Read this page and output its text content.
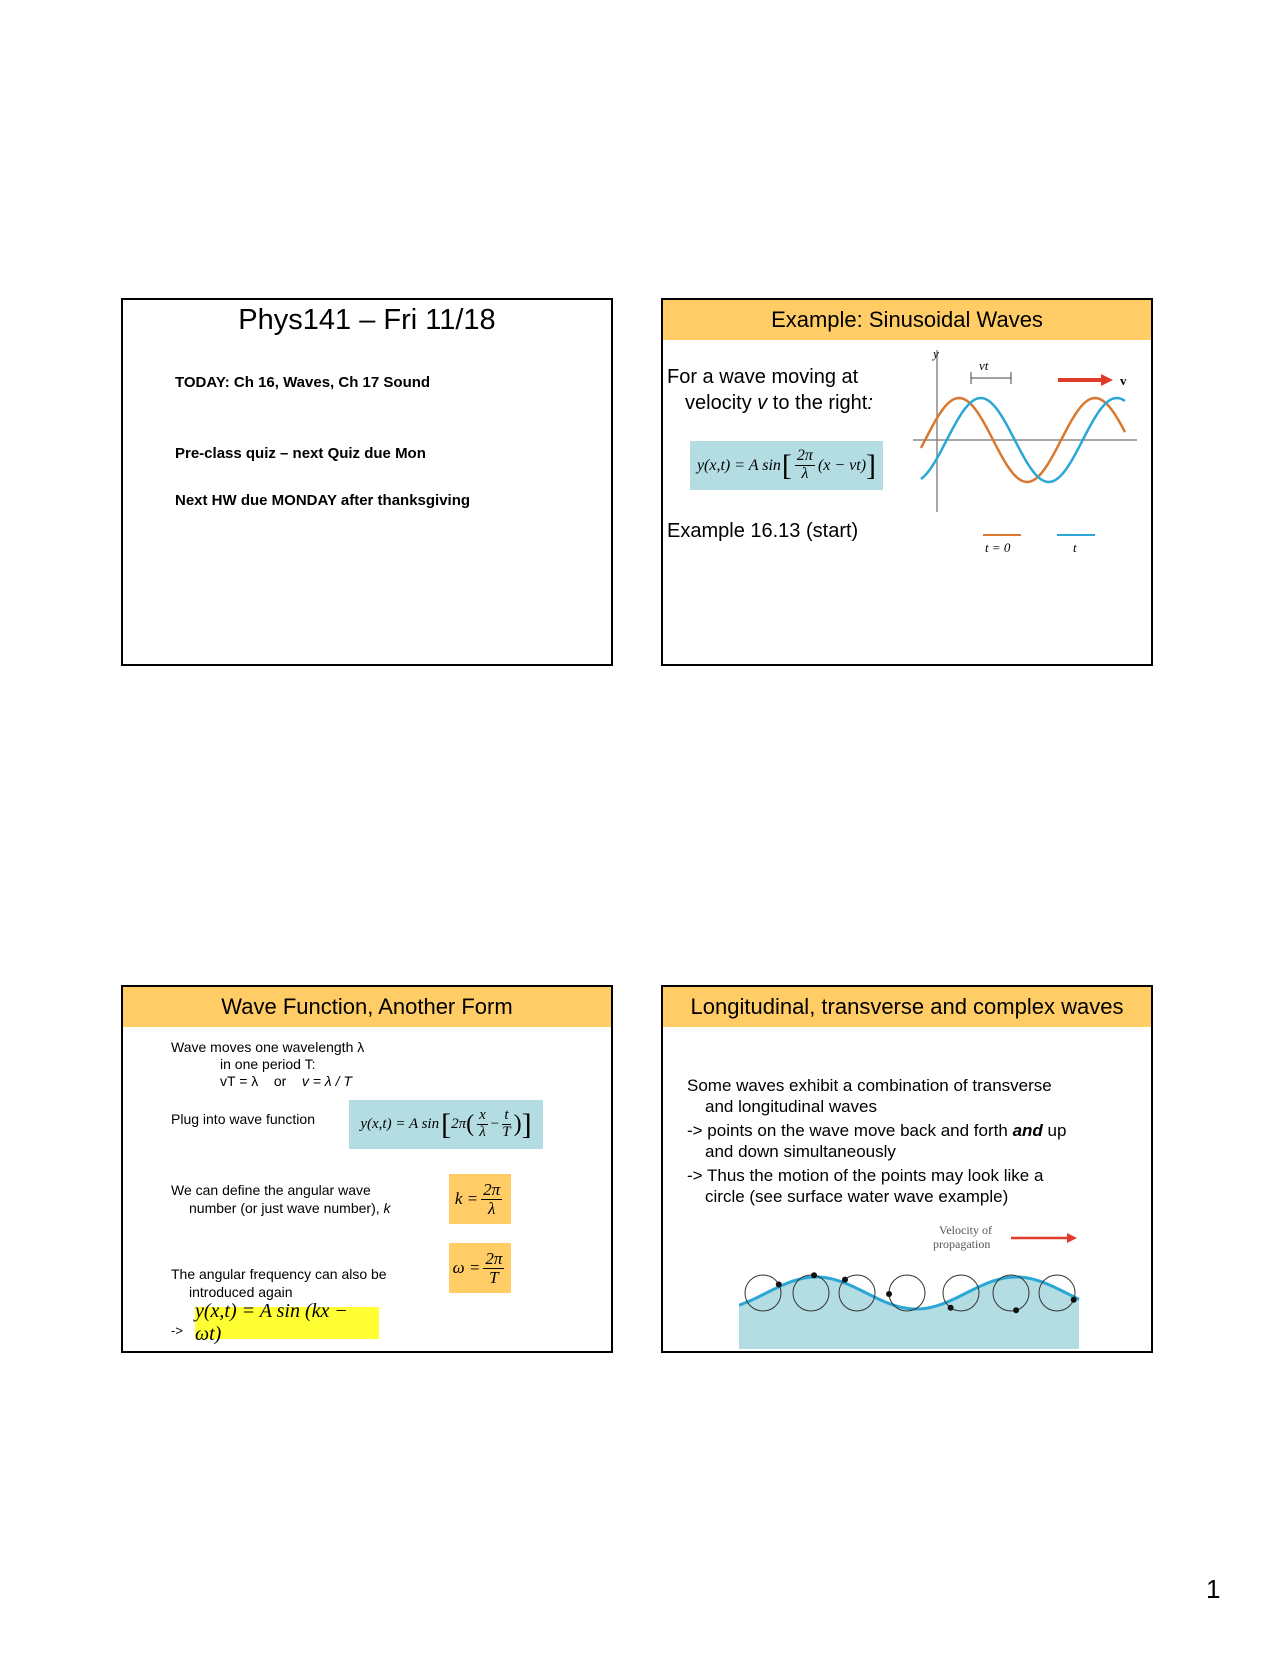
Phys141 – Fri 11/18
TODAY: Ch 16, Waves, Ch 17 Sound
Pre-class quiz – next Quiz due Mon
Next HW due MONDAY after thanksgiving
Example: Sinusoidal Waves
For a wave moving at
velocity v to the right:
y(x,t) = A sin [ $\frac{2\pi}{\lambda} (x - vt)$ ]
Example 16.13 (start)
y
vt
v
t = 0	t
Wave Function, Another Form
Wave moves one wavelength λ
in one period T:
vT = λ or v = λ / T
Plug into wave function	y(x,t) = A sin [ 2π ( $\frac{x}{\lambda} - \frac{t}{T}$ ) ]
We can define the angular wave
number (or just wave number), k	$k = \frac{2\pi}{\lambda}$
The angular frequency can also be
introduced again
$\omega = \frac{2\pi}{T}$
->
y(x,t) = A sin (kx − ωt)
Longitudinal, transverse and complex waves
Some waves exhibit a combination of transverse
and longitudinal waves
-> points on the wave move back and forth and up
and down simultaneously
-> Thus the motion of the points may look like a
circle (see surface water wave example)
Velocity of
propagation
1
